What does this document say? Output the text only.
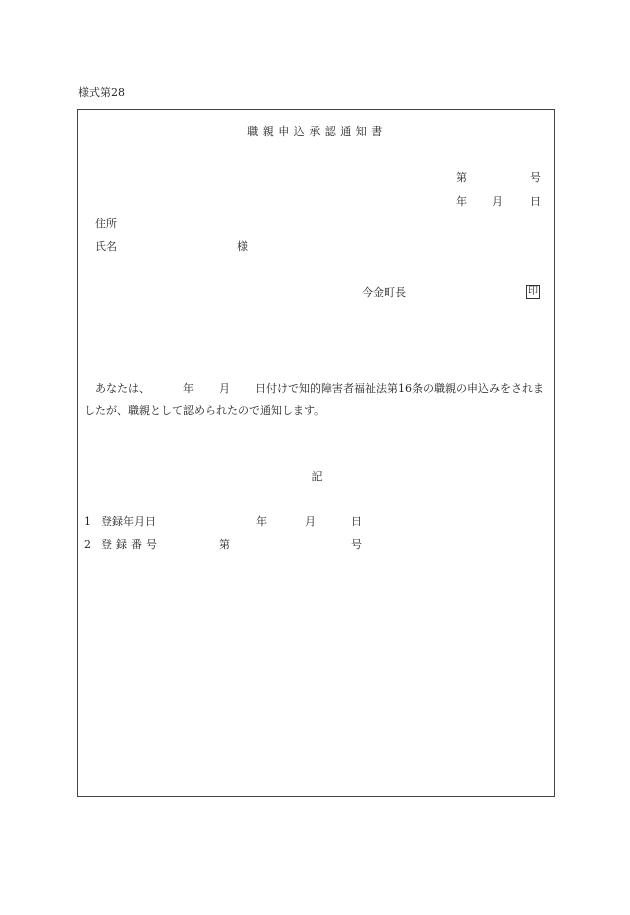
様式第28
職親申込承認通知書
第	号
年 月 日
住所
氏名	様
今金町長	印
あなたは、	年 月 日付けで知的障害者福祉法第16条の職親の申込みをされましたが、職親として認められたので通知します。
記
1 登録年月日	年	月	日
2 登録番号	第	号
